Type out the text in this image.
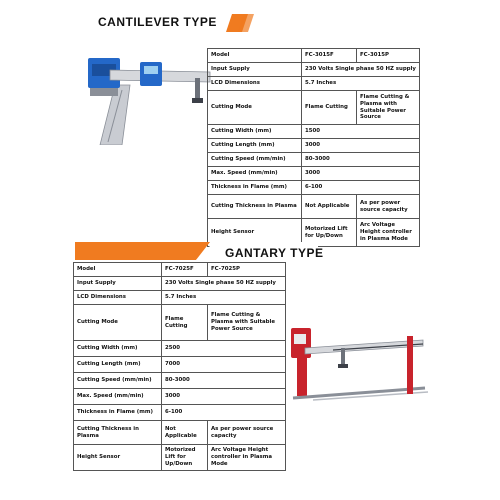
CANTILEVER TYPE
Model	FC-3015F	FC-3015P
Input Supply	230 Volts Single phase 50 HZ supply	
LCD Dimensions	5.7 Inches	
Cutting Mode	Flame Cutting	Flame Cutting & Plasma with Suitable Power Source
Cutting Width (mm)	1500	
Cutting Length (mm)	3000	
Cutting Speed (mm/min)	80-3000	
Max. Speed (mm/min)	3000	
Thickness in Flame (mm)	6-100	
Cutting Thickness in Plasma	Not Applicable	As per power source capacity
Height Sensor	Motorized Lift for Up/Down	Arc Voltage Height controller in Plasma Mode
GANTARY TYPE
Model	FC-7025F	FC-7025P
Input Supply	230 Volts Single phase 50 HZ supply	
LCD Dimensions	5.7 Inches	
Cutting Mode	Flame Cutting	Flame Cutting & Plasma with Suitable Power Source
Cutting Width (mm)	2500	
Cutting Length (mm)	7000	
Cutting Speed (mm/min)	80-3000	
Max. Speed (mm/min)	3000	
Thickness in Flame (mm)	6-100	
Cutting Thickness in Plasma	Not Applicable	As per power source capacity
Height Sensor	Motorized Lift for Up/Down	Arc Voltage Height controller in Plasma Mode
